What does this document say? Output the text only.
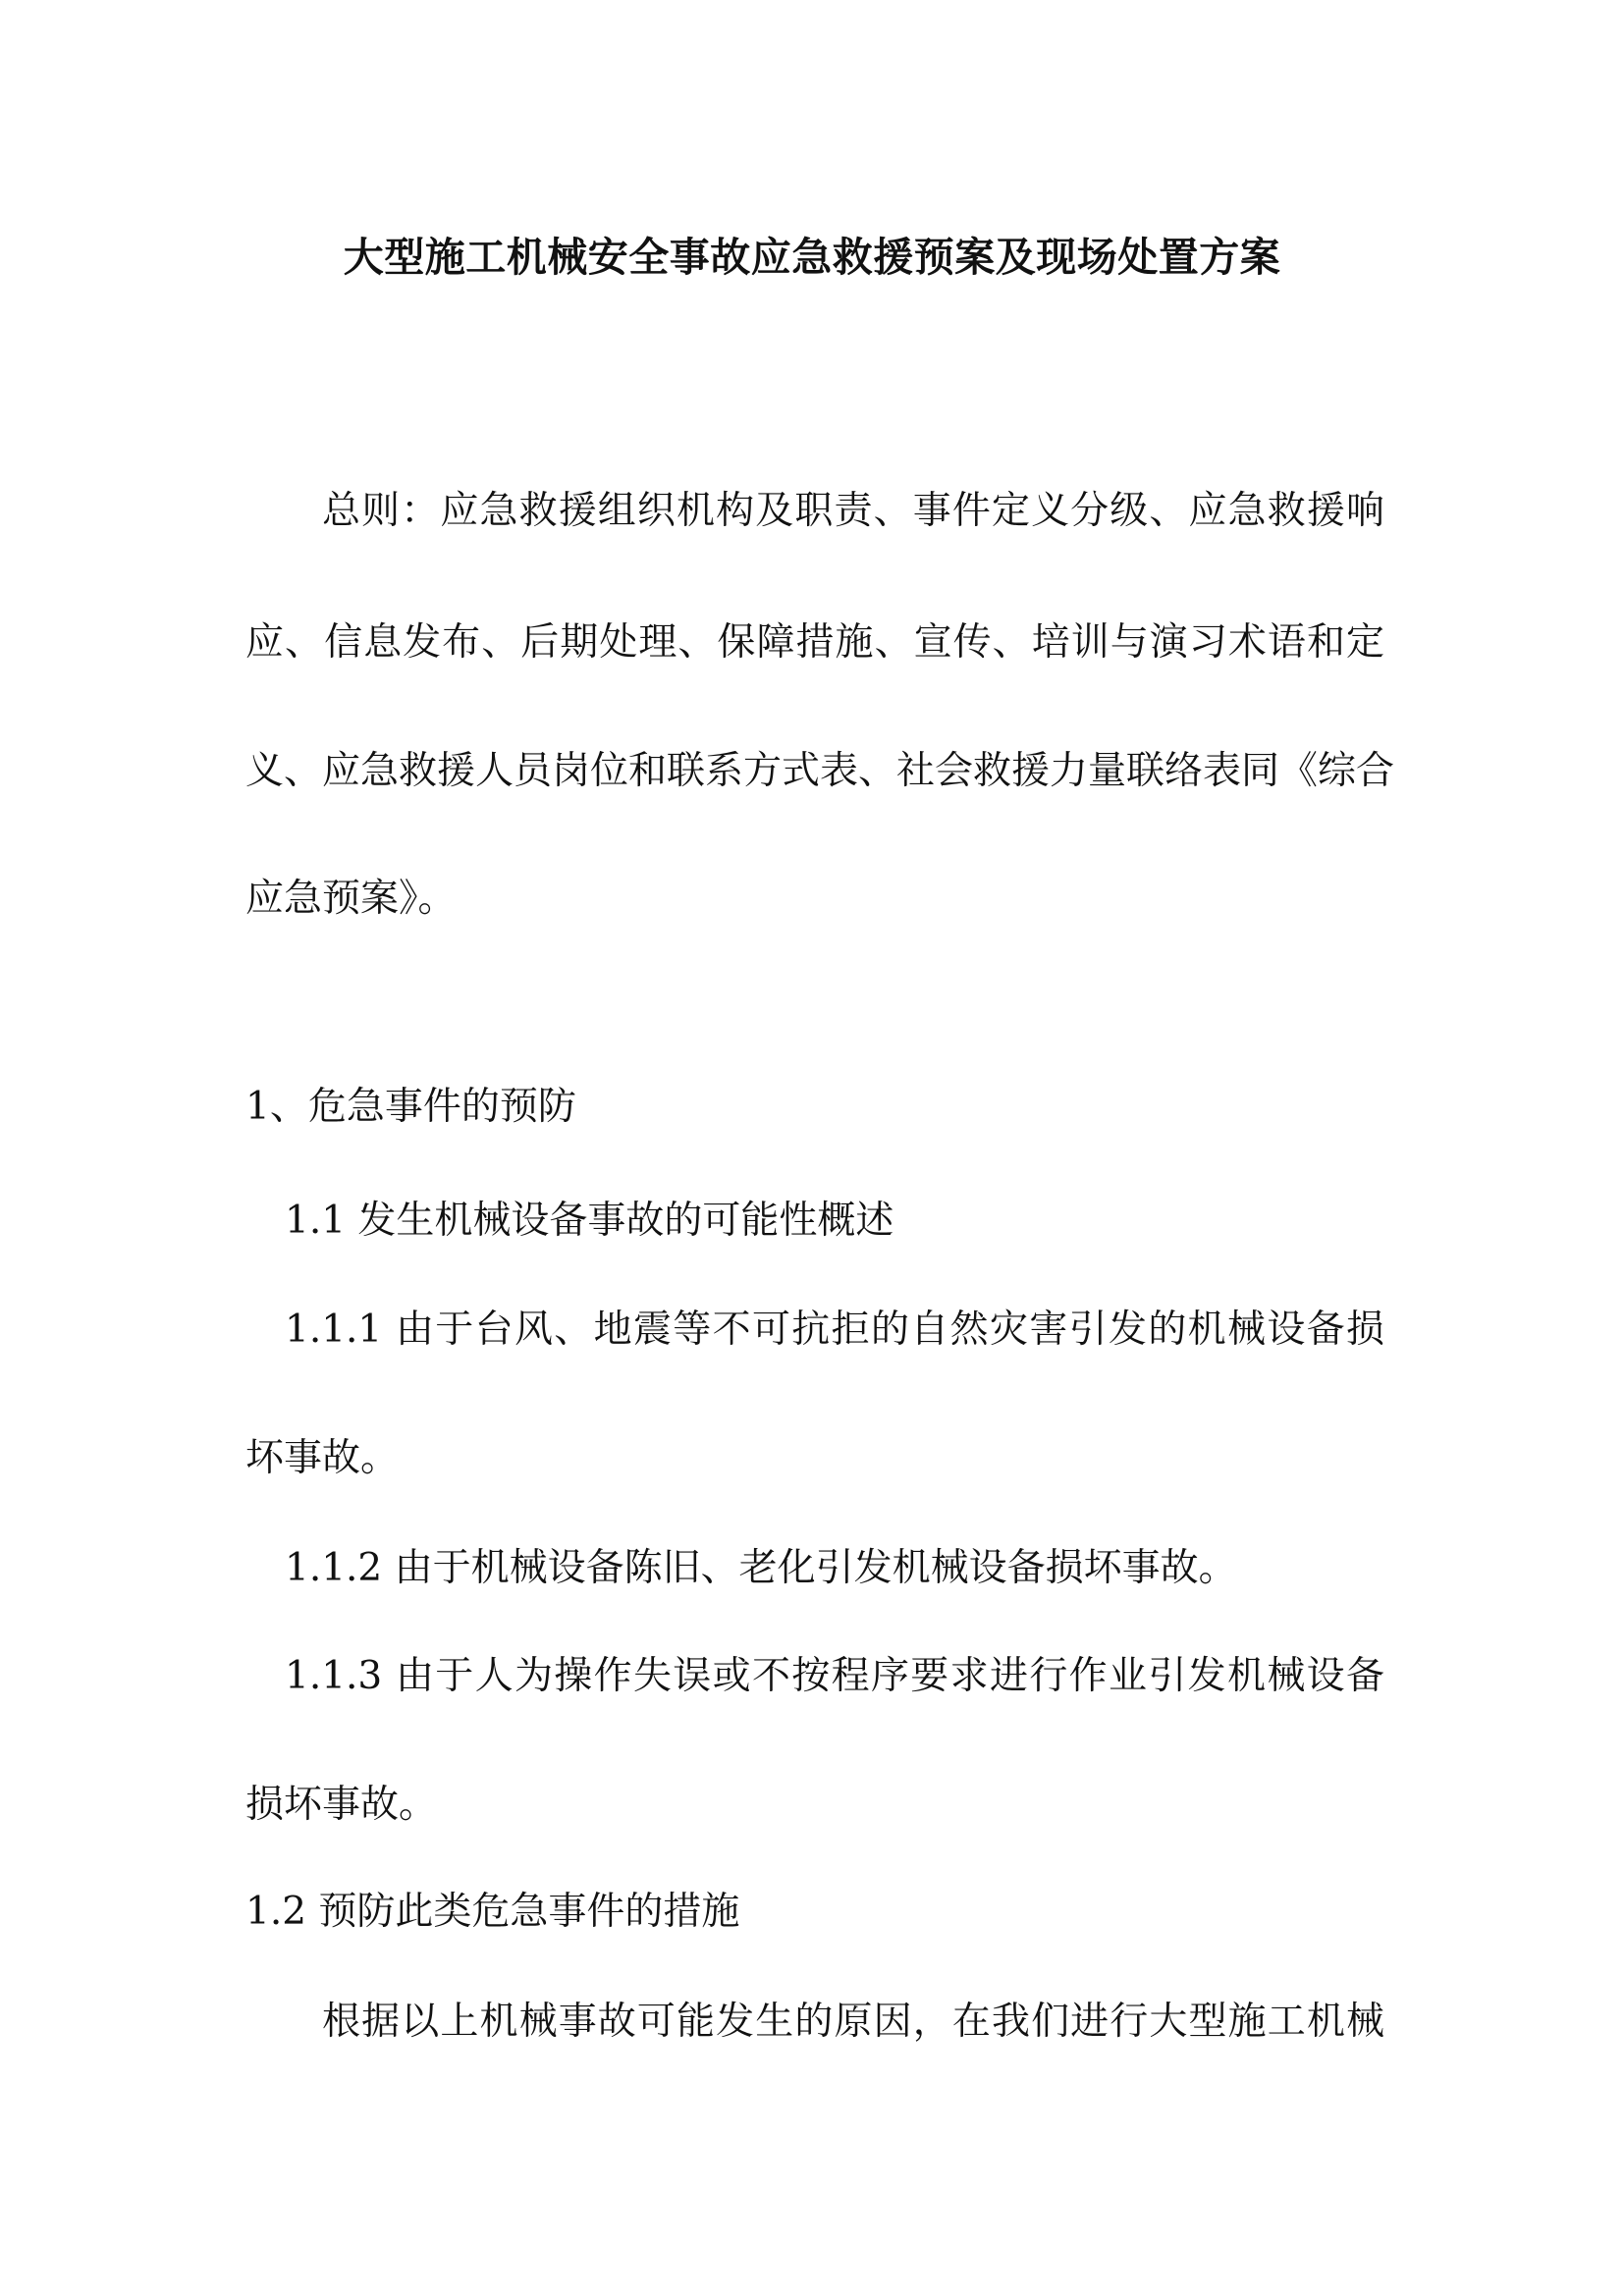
大型施工机械安全事故应急救援预案及现场处置方案
总则：应急救援组织机构及职责、事件定义分级、应急救援响
应、信息发布、后期处理、保障措施、宣传、培训与演习术语和定
义、应急救援人员岗位和联系方式表、社会救援力量联络表同《综合
应急预案》。
1、危急事件的预防
1.1 发生机械设备事故的可能性概述
1.1.1 由于台风、地震等不可抗拒的自然灾害引发的机械设备损
坏事故。
1.1.2 由于机械设备陈旧、老化引发机械设备损坏事故。
1.1.3 由于人为操作失误或不按程序要求进行作业引发机械设备
损坏事故。
1.2 预防此类危急事件的措施
根据以上机械事故可能发生的原因，在我们进行大型施工机械
